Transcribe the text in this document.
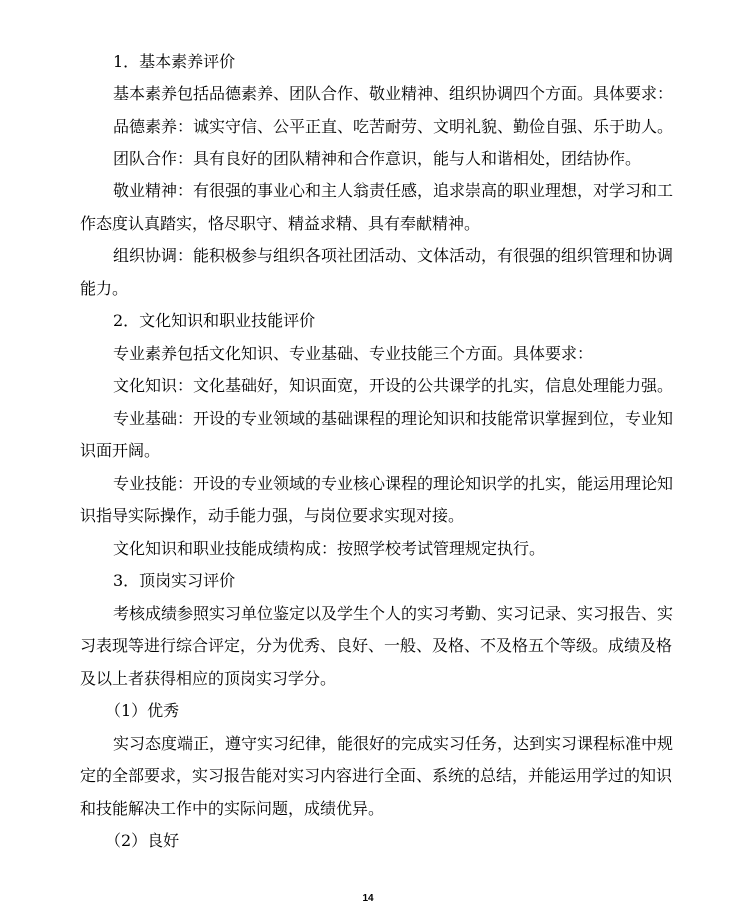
1．基本素养评价
基本素养包括品德素养、团队合作、敬业精神、组织协调四个方面。具体要求：
品德素养：诚实守信、公平正直、吃苦耐劳、文明礼貌、勤俭自强、乐于助人。
团队合作：具有良好的团队精神和合作意识，能与人和谐相处，团结协作。
敬业精神：有很强的事业心和主人翁责任感，追求崇高的职业理想，对学习和工
作态度认真踏实，恪尽职守、精益求精、具有奉献精神。
组织协调：能积极参与组织各项社团活动、文体活动，有很强的组织管理和协调
能力。
2．文化知识和职业技能评价
专业素养包括文化知识、专业基础、专业技能三个方面。具体要求：
文化知识：文化基础好，知识面宽，开设的公共课学的扎实，信息处理能力强。
专业基础：开设的专业领域的基础课程的理论知识和技能常识掌握到位，专业知
识面开阔。
专业技能：开设的专业领域的专业核心课程的理论知识学的扎实，能运用理论知
识指导实际操作，动手能力强，与岗位要求实现对接。
文化知识和职业技能成绩构成：按照学校考试管理规定执行。
3．顶岗实习评价
考核成绩参照实习单位鉴定以及学生个人的实习考勤、实习记录、实习报告、实
习表现等进行综合评定，分为优秀、良好、一般、及格、不及格五个等级。成绩及格
及以上者获得相应的顶岗实习学分。
（1）优秀
实习态度端正，遵守实习纪律，能很好的完成实习任务，达到实习课程标准中规
定的全部要求，实习报告能对实习内容进行全面、系统的总结，并能运用学过的知识
和技能解决工作中的实际问题，成绩优异。
（2）良好
14
